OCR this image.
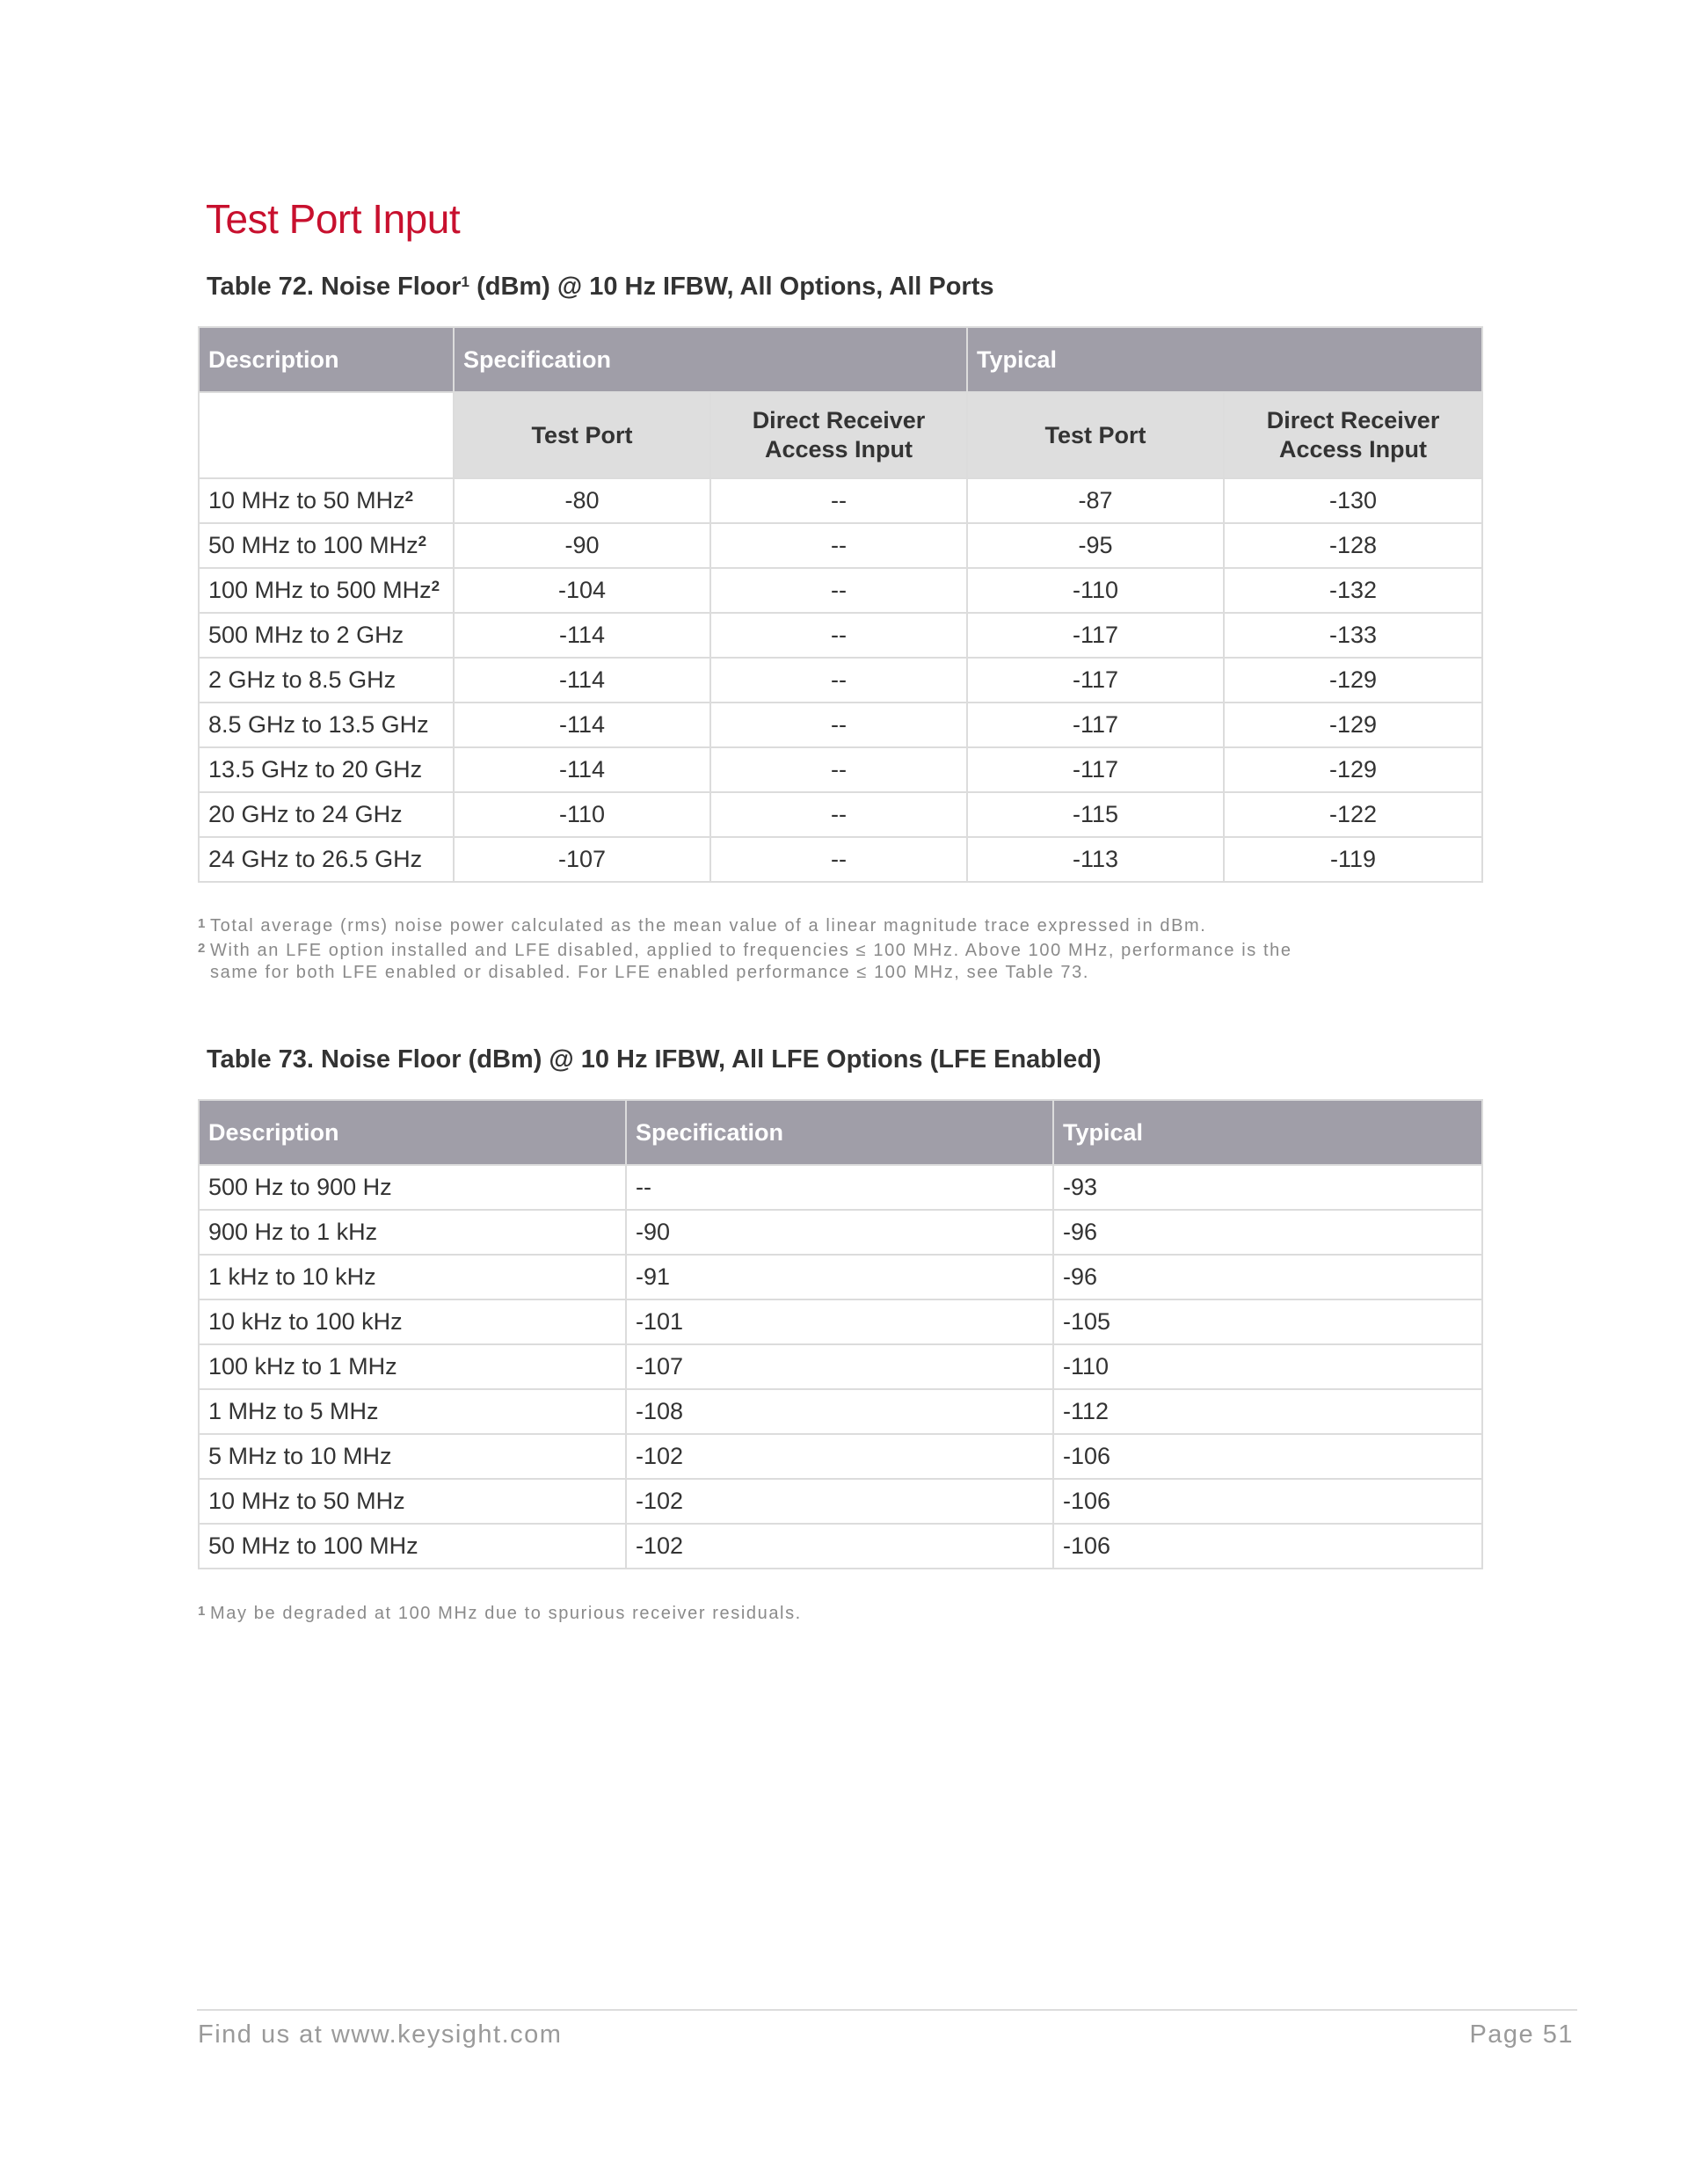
Test Port Input
Table 72. Noise Floor$^1$ (dBm) @ 10 Hz IFBW, All Options, All Ports
Description	Specification		Typical	
	Test Port	Direct Receiver Access Input	Test Port	Direct Receiver Access Input
10 MHz to 50 MHz$^2$	-80	--	-87	-130
50 MHz to 100 MHz$^2$	-90	--	-95	-128
100 MHz to 500 MHz$^2$	-104	--	-110	-132
500 MHz to 2 GHz	-114	--	-117	-133
2 GHz to 8.5 GHz	-114	--	-117	-129
8.5 GHz to 13.5 GHz	-114	--	-117	-129
13.5 GHz to 20 GHz	-114	--	-117	-129
20 GHz to 24 GHz	-110	--	-115	-122
24 GHz to 26.5 GHz	-107	--	-113	-119

1 Total average (rms) noise power calculated as the mean value of a linear magnitude trace expressed in dBm.

2 With an LFE option installed and LFE disabled, applied to frequencies ≤ 100 MHz. Above 100 MHz, performance is the

same for both LFE enabled or disabled. For LFE enabled performance ≤ 100 MHz, see Table 73.

Table 73. Noise Floor (dBm) @ 10 Hz IFBW, All LFE Options (LFE Enabled)
Description	Specification	Typical
500 Hz to 900 Hz	--	-93
900 Hz to 1 kHz	-90	-96
1 kHz to 10 kHz	-91	-96
10 kHz to 100 kHz	-101	-105
100 kHz to 1 MHz	-107	-110
1 MHz to 5 MHz	-108	-112
5 MHz to 10 MHz	-102	-106
10 MHz to 50 MHz	-102	-106
50 MHz to 100 MHz	-102	-106

1 May be degraded at 100 MHz due to spurious receiver residuals.

Find us at www.keysight.com	Page 51
